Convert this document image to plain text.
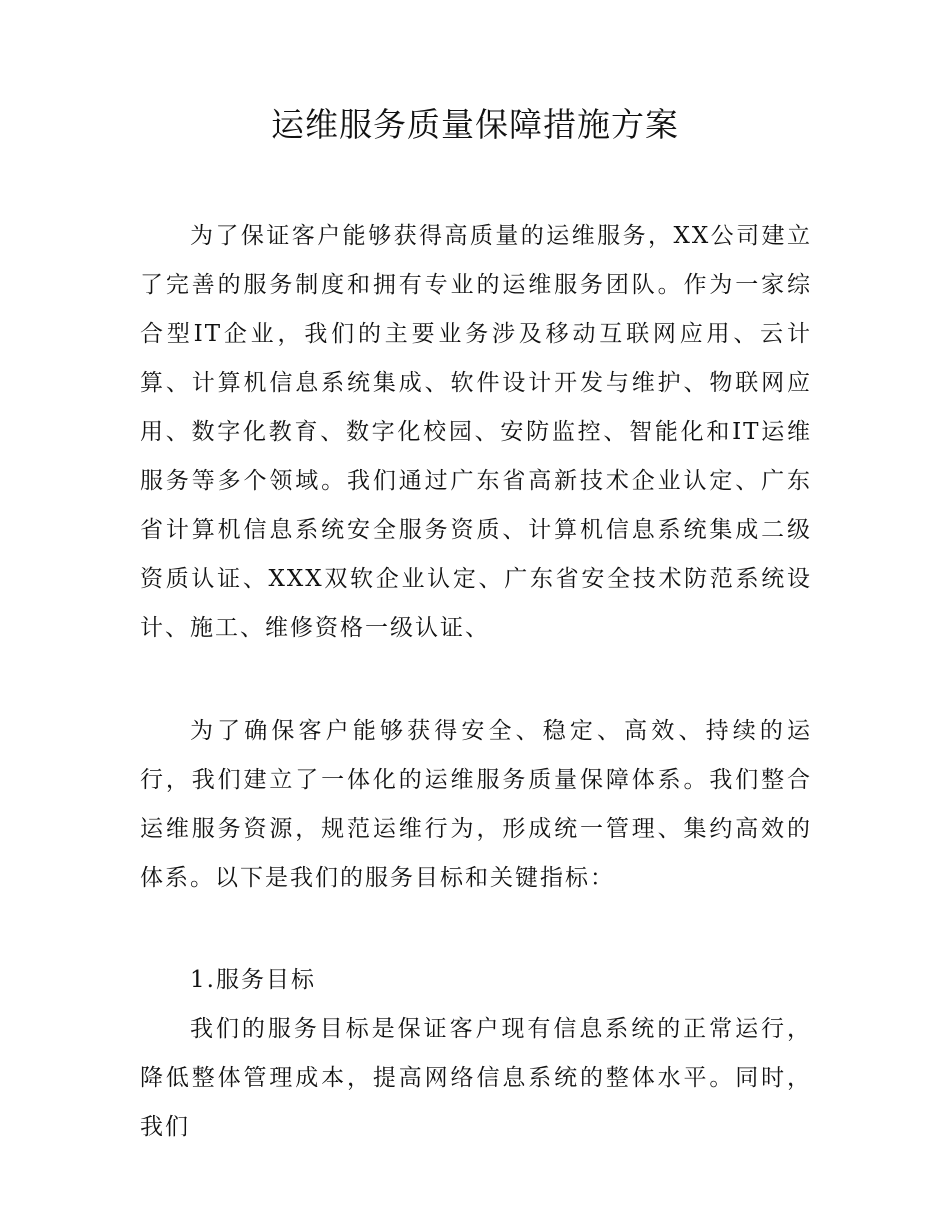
运维服务质量保障措施方案

为了保证客户能够获得高质量的运维服务，XX公司建立了完善的服务制度和拥有专业的运维服务团队。作为一家综合型IT企业，我们的主要业务涉及移动互联网应用、云计算、计算机信息系统集成、软件设计开发与维护、物联网应用、数字化教育、数字化校园、安防监控、智能化和IT运维服务等多个领域。我们通过广东省高新技术企业认定、广东省计算机信息系统安全服务资质、计算机信息系统集成二级资质认证、XXX双软企业认定、广东省安全技术防范系统设计、施工、维修资格一级认证、

为了确保客户能够获得安全、稳定、高效、持续的运行，我们建立了一体化的运维服务质量保障体系。我们整合运维服务资源，规范运维行为，形成统一管理、集约高效的体系。以下是我们的服务目标和关键指标：

1.服务目标

我们的服务目标是保证客户现有信息系统的正常运行，降低整体管理成本，提高网络信息系统的整体水平。同时，我们
